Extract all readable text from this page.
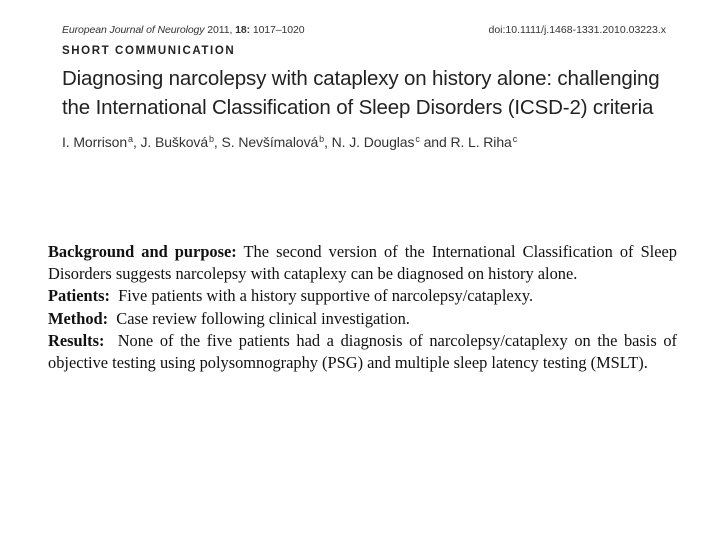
European Journal of Neurology 2011, 18: 1017–1020	doi:10.1111/j.1468-1331.2010.03223.x
SHORT COMMUNICATION
Diagnosing narcolepsy with cataplexy on history alone: challenging the International Classification of Sleep Disorders (ICSD-2) criteria
I. Morrison$^a$, J. Bušková$^b$, S. Nevšímalová$^b$, N. J. Douglas$^c$ and R. L. Riha$^c$

Background and purpose: The second version of the International Classification of Sleep Disorders suggests narcolepsy with cataplexy can be diagnosed on history alone.

Patients: Five patients with a history supportive of narcolepsy/cataplexy.

Method: Case review following clinical investigation.

Results: None of the five patients had a diagnosis of narcolepsy/cataplexy on the basis of objective testing using polysomnography (PSG) and multiple sleep latency testing (MSLT).
